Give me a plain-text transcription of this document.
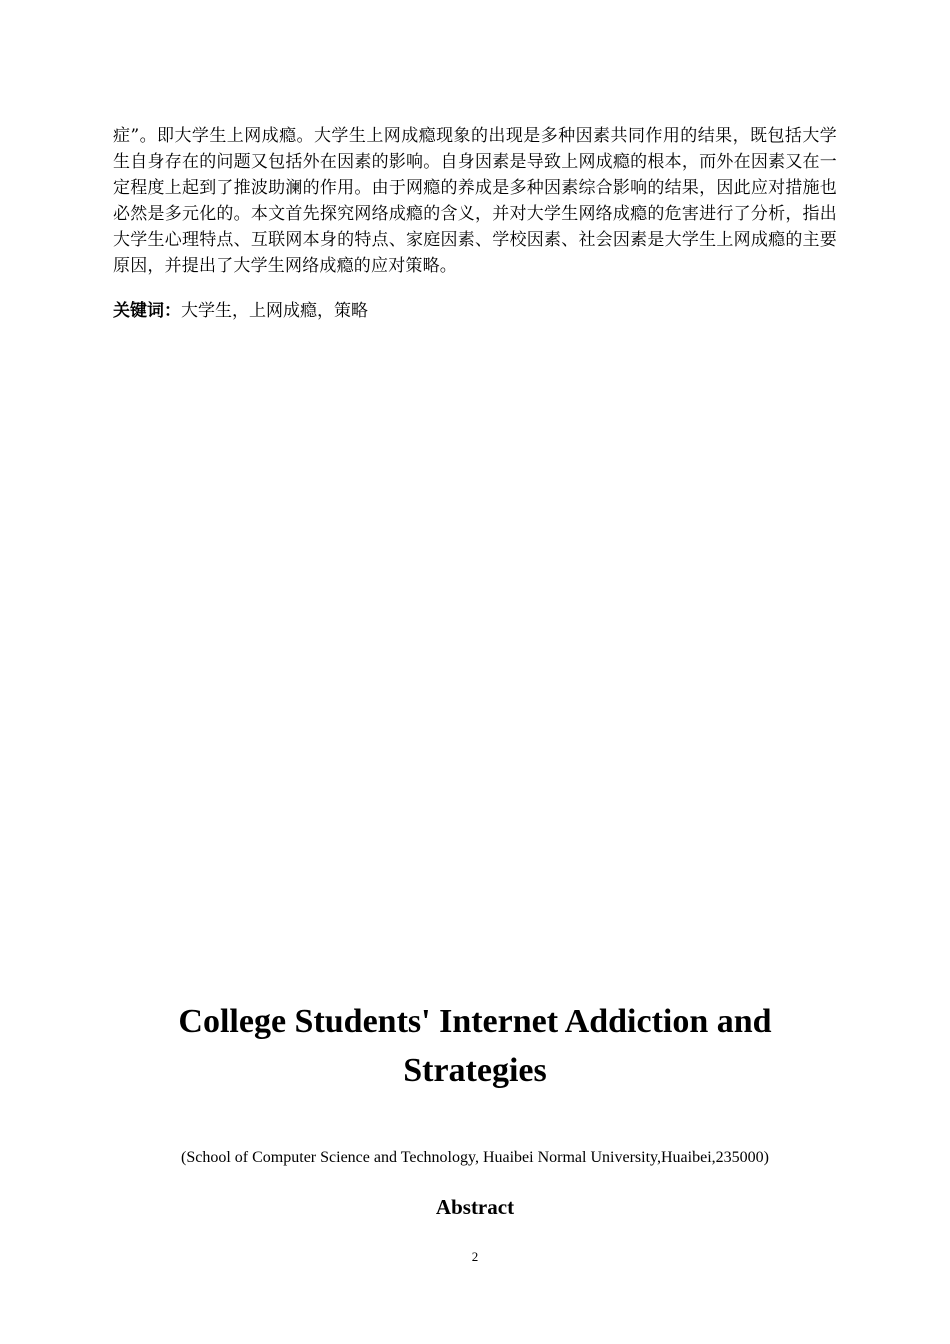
症”。即大学生上网成瘾。大学生上网成瘾现象的出现是多种因素共同作用的结果，既包括大学生自身存在的问题又包括外在因素的影响。自身因素是导致上网成瘾的根本，而外在因素又在一定程度上起到了推波助澜的作用。由于网瘾的养成是多种因素综合影响的结果，因此应对措施也必然是多元化的。本文首先探究网络成瘾的含义，并对大学生网络成瘾的危害进行了分析，指出大学生心理特点、互联网本身的特点、家庭因素、学校因素、社会因素是大学生上网成瘾的主要原因，并提出了大学生网络成瘾的应对策略。

关键词：大学生，上网成瘾，策略

College Students' Internet Addiction and
Strategies

(School of Computer Science and Technology, Huaibei Normal University,Huaibei,235000)

Abstract
2
